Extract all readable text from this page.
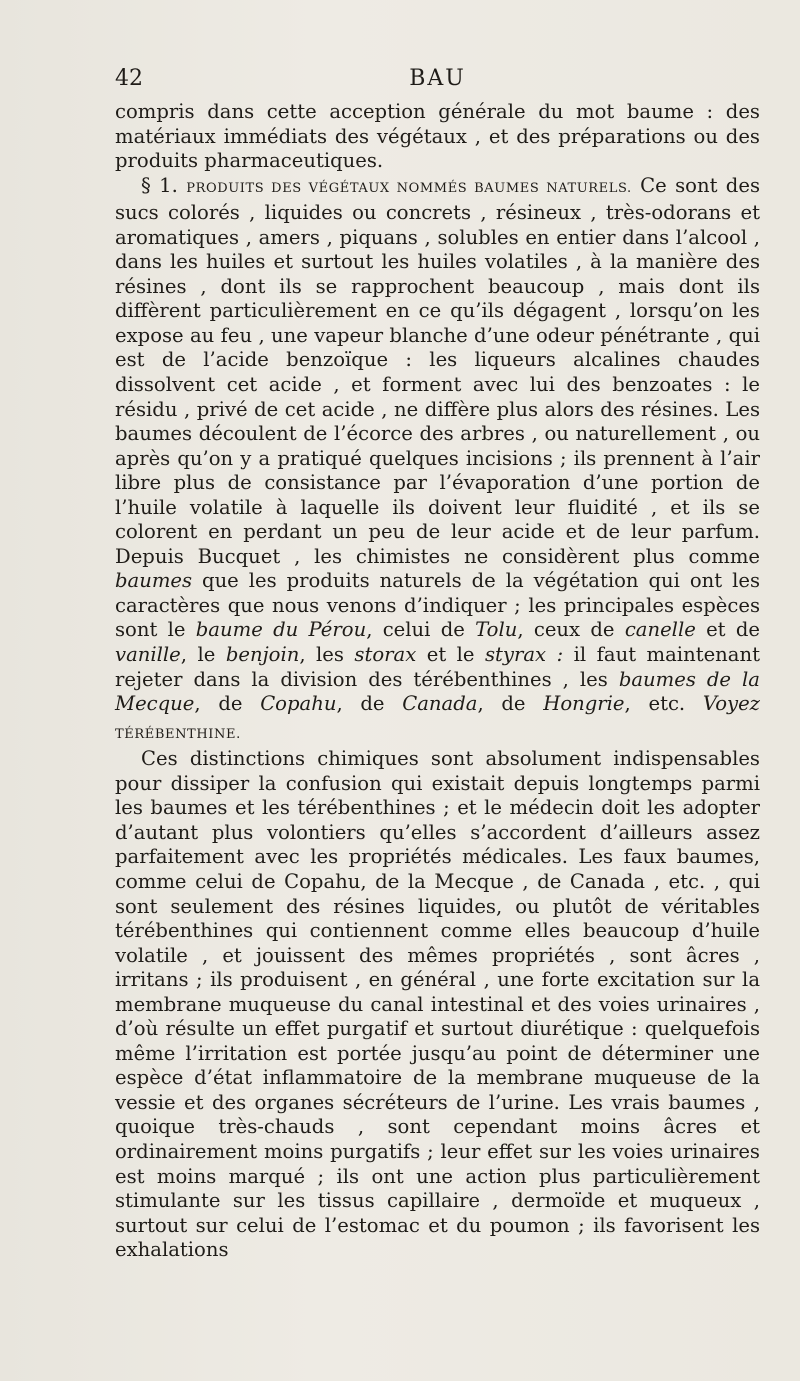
42	BAU

compris dans cette acception générale du mot baume : des matériaux immédiats des végétaux , et des préparations ou des produits pharmaceutiques.

§ 1. PRODUITS DES VÉGÉTAUX NOMMÉS BAUMES NATURELS. Ce sont des sucs colorés , liquides ou concrets , résineux , très-odorans et aromatiques , amers , piquans , solubles en entier dans l’alcool , dans les huiles et surtout les huiles volatiles , à la manière des résines , dont ils se rapprochent beaucoup , mais dont ils diffèrent particulièrement en ce qu’ils dégagent , lorsqu’on les expose au feu , une vapeur blanche d’une odeur pénétrante , qui est de l’acide benzoïque : les liqueurs alcalines chaudes dissolvent cet acide , et forment avec lui des benzoates : le résidu , privé de cet acide , ne diffère plus alors des résines. Les baumes découlent de l’écorce des arbres , ou naturellement , ou après qu’on y a pratiqué quelques incisions ; ils prennent à l’air libre plus de consistance par l’évaporation d’une portion de l’huile volatile à laquelle ils doivent leur fluidité , et ils se colorent en perdant un peu de leur acide et de leur parfum. Depuis Bucquet , les chimistes ne considèrent plus comme baumes que les produits naturels de la végétation qui ont les caractères que nous venons d’indiquer ; les principales espèces sont le baume du Pérou, celui de Tolu, ceux de canelle et de vanille, le benjoin, les storax et le styrax : il faut maintenant rejeter dans la division des térébenthines , les baumes de la Mecque, de Copahu, de Canada, de Hongrie, etc. Voyez TÉRÉBENTHINE.

Ces distinctions chimiques sont absolument indispensables pour dissiper la confusion qui existait depuis longtemps parmi les baumes et les térébenthines ; et le médecin doit les adopter d’autant plus volontiers qu’elles s’accordent d’ailleurs assez parfaitement avec les propriétés médicales. Les faux baumes, comme celui de Copahu, de la Mecque , de Canada , etc. , qui sont seulement des résines liquides, ou plutôt de véritables térébenthines qui contiennent comme elles beaucoup d’huile volatile , et jouissent des mêmes propriétés , sont âcres , irritans ; ils produisent , en général , une forte excitation sur la membrane muqueuse du canal intestinal et des voies urinaires , d’où résulte un effet purgatif et surtout diurétique : quelquefois même l’irritation est portée jusqu’au point de déterminer une espèce d’état inflammatoire de la membrane muqueuse de la vessie et des organes sécréteurs de l’urine. Les vrais baumes , quoique très-chauds , sont cependant moins âcres et ordinairement moins purgatifs ; leur effet sur les voies urinaires est moins marqué ; ils ont une action plus particulièrement stimulante sur les tissus capillaire , dermoïde et muqueux , surtout sur celui de l’estomac et du poumon ; ils favorisent les exhalations
